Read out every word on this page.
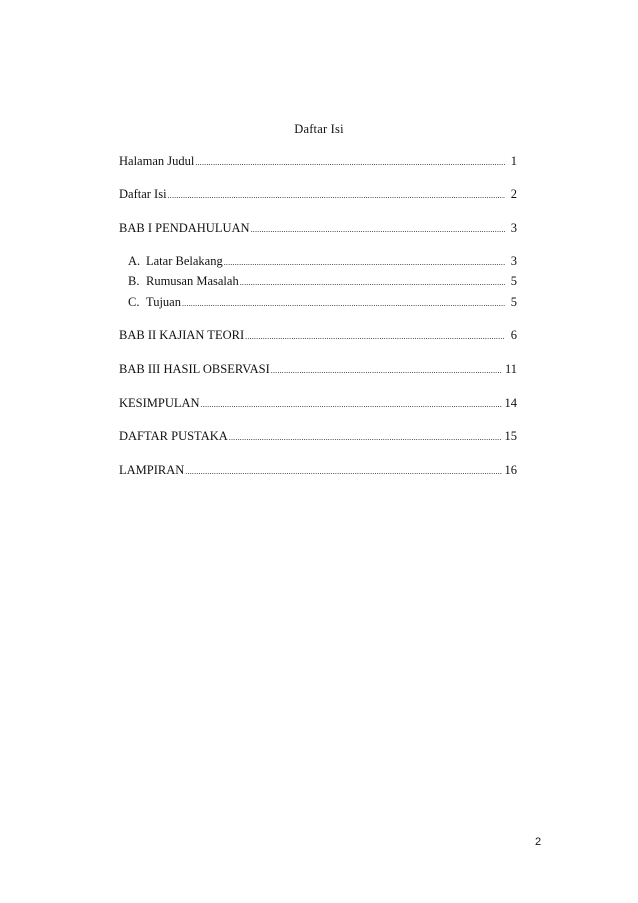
Daftar Isi
Halaman Judul .....	1
Daftar Isi .....	2
BAB I PENDAHULUAN .....	3
A. Latar Belakang .....	3
B. Rumusan Masalah .....	5
C. Tujuan .....	5
BAB II KAJIAN TEORI .....	6
BAB III HASIL OBSERVASI .....	11
KESIMPULAN .....	14
DAFTAR PUSTAKA .....	15
LAMPIRAN .....	16
2
